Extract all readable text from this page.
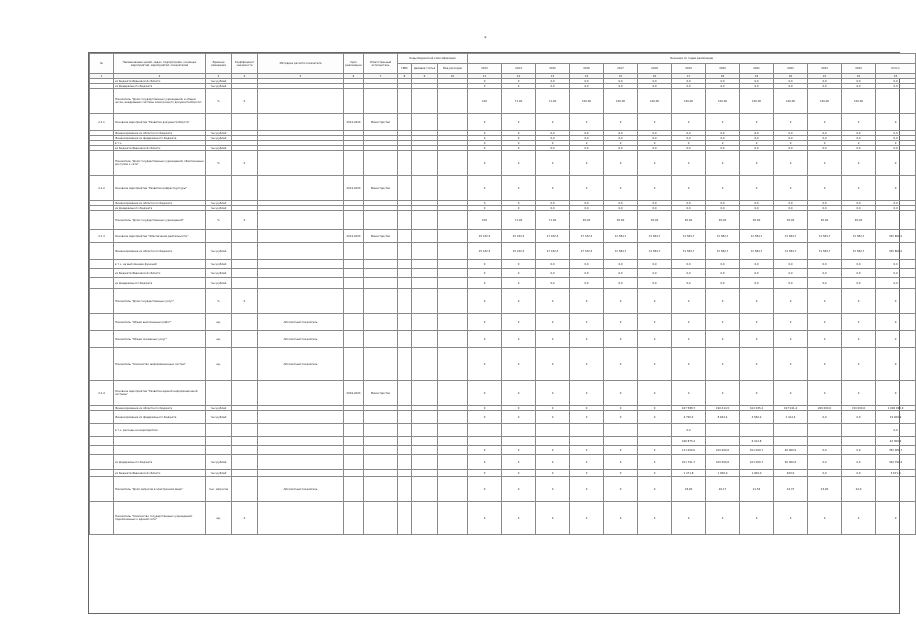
*
№	Наименование целей, задач, подпрограмм, основных мероприятий, мероприятий, показателей	Единица измерения	Коэффициент значимости	Методика расчёта показателя	Срок реализации	Ответственный исполнитель	Коды бюджетной классификации			Значения по годам реализации												
							ГРБС	Целевая статья	Вид расходов	2013	2014	2015	2016	2017	2018	2019	2020	2021	2022	2023	2024	Итого
1	2	3	4	5	6	7	8	9	10	11	12	13	14	15	16	17	18	19	20	21	22	23
	из бюджета Ивановской области	тыс.рублей								0	0	0,0	0,0	0,0	0,0	0,0	0,0	0,0	0,0	0,0	0,0	0,0
	из федерального бюджета	тыс.рублей								0	0	0,0	0,0	0,0	0,0	0,0	0,0	0,0	0,0	0,0	0,0	0,0
	Показатель "Доля государственных учреждений, в общем числе, внедривших системы электронного документооборота"	%	0							100	71,00	71,00	100,00	100,00	100,00	100,00	100,00	100,00	100,00	100,00	100,00	
2.1.1	Основное мероприятие "Развитие документооборота"				2014-2024	Министерство				0	0	0	0	0	0	0	0	0	0	0	0	0
	Финансирование из областного бюджета	тыс.рублей								0	0	0,0	0,0	0,0	0,0	0,0	0,0	0,0	0,0	0,0	0,0	0,0
	Финансирование из федерального бюджета	тыс.рублей								0	0	0,0	0,0	0,0	0,0	0,0	0,0	0,0	0,0	0,0	0,0	0,0
	в т.ч.									0	0	0	0	0	0	0	0	0	0	0	0	0
	из бюджета Ивановской области	тыс.рублей								0	0	0,0	0,0	0,0	0,0	0,0	0,0	0,0	0,0	0,0	0,0	0,0
	Показатель "Доля государственных учреждений, обеспеченных доступом к сети"	%	0							0	0	0	0	0	0	0	0	0	0	0	0	0
2.1.2	Основное мероприятие "Развитие инфраструктуры"				2014-2024	Министерство				0	0	0	0	0	0	0	0	0	0	0	0	0
	Финансирование из областного бюджета	тыс.рублей								0	0	0,0	0,0	0,0	0,0	0,0	0,0	0,0	0,0	0,0	0,0	0,0
	из федерального бюджета	тыс.рублей								0	0	0,0	0,0	0,0	0,0	0,0	0,0	0,0	0,0	0,0	0,0	0,0
	Показатель "Доля государственных учреждений"	%	0							100	71,00	71,00	95,00	95,00	95,00	95,00	95,00	95,00	95,00	95,00	95,00	
2.1.3	Основное мероприятие "Обеспечение деятельности"				2014-2024	Министерство				25 432,5	25 432,5	27 432,5	27 432,5	31 584,7	31 584,7	31 584,7	31 584,7	31 584,7	31 584,7	31 584,7	31 584,7	345 800,2
	Финансирование из областного бюджета	тыс.рублей								25 432,5	25 432,5	27 432,5	27 432,5	31 584,7	31 584,7	31 584,7	31 584,7	31 584,7	31 584,7	31 584,7	31 584,7	345 800,2
	в т.ч. на выполнение функций	тыс.рублей								0	0	0,0	0,0	0,0	0,0	0,0	0,0	0,0	0,0	0,0	0,0	0,0
	из бюджета Ивановской области	тыс.рублей								0	0	0,0	0,0	0,0	0,0	0,0	0,0	0,0	0,0	0,0	0,0	0,0
	из федерального бюджета	тыс.рублей								0	0	0,0	0,0	0,0	0,0	0,0	0,0	0,0	0,0	0,0	0,0	0,0
	Показатель "Доля государственных услуг"	%	0							0	0	0	0	0	0	0	0	0	0	0	0	0
	Показатель "Объем выполненных работ"	ед.		Абсолютный показатель						0	0	0	0	0	0	0	0	0	0	0	0	0
	Показатель "Объем оказанных услуг"	ед.		Абсолютный показатель						0	0	0	0	0	0	0	0	0	0	0	0	0
	Показатель "Количество информационных систем"	ед.		Абсолютный показатель						0	0	0	0	0	0	0	0	0	0	0	0	0
2.1.4	Основное мероприятие "Развитие единой информационной системы"				2019-2024	Министерство				0	0	0	0	0	0	0	0	0	0	0	0	0
	Финансирование из областного бюджета	тыс.рублей								0	0	0	0	0	0	167 588,7	190 414,5	102 295,2	197 041,4	200 000,0	150 000,0	1 000 000,0
	Финансирование из федерального бюджета	тыс.рублей								0	0	0	0	0	0	4 795,2	8 642,2	4 560,2	1 412,4	0,0	0,0	19 409,9
	в т.ч. расходы на мероприятия															0,0						0,0
																196 875,2		6 412,8				42 300,0
										0	0	0	0	0	0	111 000,0	100 000,0	101 000,7	40 000,0	0,0	0,0	352 000,7
	из федерального бюджета	тыс.рублей								0	0	0	0	0	0	101 791,7	100 000,0	101 000,7	40 000,0	0,0	0,0	342 792,4
	из бюджета Ивановской области	тыс.рублей								0	0	0	0	0	0	1 271,8	1 000,0	1 000,0	400,0	0,0	0,0	3 671,8
	Показатель "Доля запросов в электронном виде"	тыс. запросов		Абсолютный показатель						0	0	0	0	0	0	18,00	20,17	21,56	22,37	23,00	24,0	
	Показатель "Количество государственных учреждений, подключенных к единой сети"	ед.	0							0	0	0	0	0	0	0	0	0	0	0	0	0
